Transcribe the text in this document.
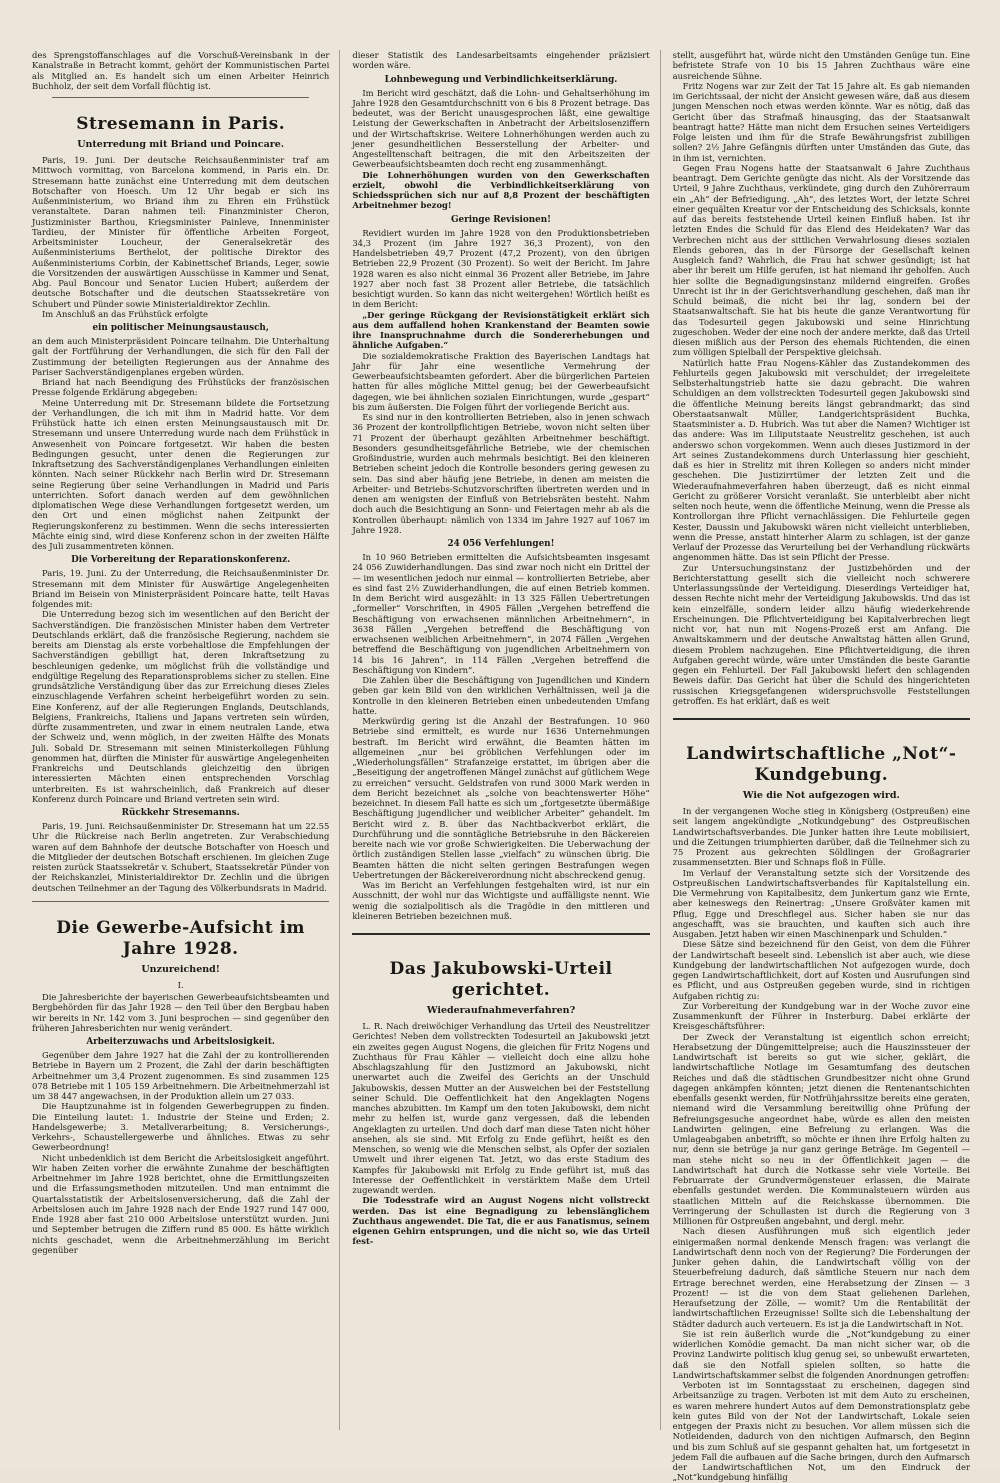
des Sprengstoffanschlages auf die Vorschuß-Vereinsbank in der Kanalstraße in Betracht kommt, gehört der Kommunistischen Partei als Mitglied an. Es handelt sich um einen Arbeiter Heinrich Buchholz, der seit dem Vorfall flüchtig ist.

Stresemann in Paris.
Unterredung mit Briand und Poincare.

Paris, 19. Juni. Der deutsche Reichsaußenminister traf am Mittwoch vormittag, von Barcelona kommend, in Paris ein. Dr. Stresemann hatte zunächst eine Unterredung mit dem deutschen Botschafter von Hoesch. Um 12 Uhr begab er sich ins Außenministerium, wo Briand ihm zu Ehren ein Frühstück veranstaltete. Daran nahmen teil: Finanzminister Cheron, Justizminister Barthou, Kriegsminister Painleve, Innenminister Tardieu, der Minister für öffentliche Arbeiten Forgeot, Arbeitsminister Loucheur, der Generalsekretär des Außenministeriums Berthelot, der politische Direktor des Außenministeriums Corbin, der Kabinettschef Briands, Leger, sowie die Vorsitzenden der auswärtigen Ausschüsse in Kammer und Senat, Abg. Paul Boncour und Senator Lucien Hubert; außerdem der deutsche Botschafter und die deutschen Staatssekretäre von Schubert und Pünder sowie Ministerialdirektor Zechlin.

Im Anschluß an das Frühstück erfolgte

ein politischer Meinungsaustausch,

an dem auch Ministerpräsident Poincare teilnahm. Die Unterhaltung galt der Fortführung der Verhandlungen, die sich für den Fall der Zustimmung der beteiligten Regierungen aus der Annahme des Pariser Sachverständigenplanes ergeben würden.

Briand hat nach Beendigung des Frühstücks der französischen Presse folgende Erklärung abgegeben:

Meine Unterredung mit Dr. Stresemann bildete die Fortsetzung der Verhandlungen, die ich mit ihm in Madrid hatte. Vor dem Frühstück hatte ich einen ersten Meinungsaustausch mit Dr. Stresemann und unsere Unterredung wurde nach dem Frühstück in Anwesenheit von Poincare fortgesetzt. Wir haben die besten Bedingungen gesucht, unter denen die Regierungen zur Inkraftsetzung des Sachverständigenplanes Verhandlungen einleiten könnten. Nach seiner Rückkehr nach Berlin wird Dr. Stresemann seine Regierung über seine Verhandlungen in Madrid und Paris unterrichten. Sofort danach werden auf dem gewöhnlichen diplomatischen Wege diese Verhandlungen fortgesetzt werden, um den Ort und einen möglichst nahen Zeitpunkt der Regierungskonferenz zu bestimmen. Wenn die sechs interessierten Mächte einig sind, wird diese Konferenz schon in der zweiten Hälfte des Juli zusammentreten können.

Die Vorbereitung der Reparationskonferenz.

Paris, 19. Juni. Zu der Unterredung, die Reichsaußenminister Dr. Stresemann mit dem Minister für Auswärtige Angelegenheiten Briand im Beisein von Ministerpräsident Poincare hatte, teilt Havas folgendes mit:

Die Unterredung bezog sich im wesentlichen auf den Bericht der Sachverständigen. Die französischen Minister haben dem Vertreter Deutschlands erklärt, daß die französische Regierung, nachdem sie bereits am Dienstag als erste vorbehaltlose die Empfehlungen der Sachverständigen gebilligt hat, deren Inkraftsetzung zu beschleunigen gedenke, um möglichst früh die vollständige und endgültige Regelung des Reparationsproblems sicher zu stellen. Eine grundsätzliche Verständigung über das zur Erreichung dieses Zieles einzuschlagende Verfahren scheint herbeigeführt worden zu sein. Eine Konferenz, auf der alle Regierungen Englands, Deutschlands, Belgiens, Frankreichs, Italiens und Japans vertreten sein würden, dürfte zusammentreten, und zwar in einem neutralen Lande, etwa der Schweiz und, wenn möglich, in der zweiten Hälfte des Monats Juli. Sobald Dr. Stresemann mit seinen Ministerkollegen Fühlung genommen hat, dürften die Minister für auswärtige Angelegenheiten Frankreichs und Deutschlands gleichzeitig den übrigen interessierten Mächten einen entsprechenden Vorschlag unterbreiten. Es ist wahrscheinlich, daß Frankreich auf dieser Konferenz durch Poincare und Briand vertreten sein wird.

Rückkehr Stresemanns.

Paris, 19. Juni. Reichsaußenminister Dr. Stresemann hat um 22.55 Uhr die Rückreise nach Berlin angetreten. Zur Verabschiedung waren auf dem Bahnhofe der deutsche Botschafter von Hoesch und die Mitglieder der deutschen Botschaft erschienen. Im gleichen Zuge reisten zurück Staatssekretär v. Schubert, Staatssekretär Pünder von der Reichskanzlei, Ministerialdirektor Dr. Zechlin und die übrigen deutschen Teilnehmer an der Tagung des Völkerbundsrats in Madrid.

Die Gewerbe-Aufsicht im Jahre 1928.
Unzureichend!

I.

Die Jahresberichte der bayerischen Gewerbeaufsichtsbeamten und Bergbehörden für das Jahr 1928 — den Teil über den Bergbau haben wir bereits in Nr. 142 vom 3. Juni besprochen — sind gegenüber den früheren Jahresberichten nur wenig verändert.

Arbeiterzuwachs und Arbeitslosigkeit.

Gegenüber dem Jahre 1927 hat die Zahl der zu kontrollierenden Betriebe in Bayern um 2 Prozent, die Zahl der darin beschäftigten Arbeitnehmer um 3,4 Prozent zugenommen. Es sind zusammen 125 078 Betriebe mit 1 105 159 Arbeitnehmern. Die Arbeitnehmerzahl ist um 38 447 angewachsen, in der Produktion allein um 27 033.

Die Hauptzunahme ist in folgenden Gewerbegruppen zu finden. Die Einteilung lautet: 1. Industrie der Steine und Erden; 2. Handelsgewerbe; 3. Metallverarbeitung; 8. Versicherungs-, Verkehrs-, Schaustellergewerbe und ähnliches. Etwas zu sehr Gewerbeordnung!

Nicht unbedenklich ist dem Bericht die Arbeitslosigkeit angeführt. Wir haben Zeiten vorher die erwähnte Zunahme der beschäftigten Arbeitnehmer im Jahre 1928 berichtet, ohne die Ermittlungszeiten und die Erfassungsmethoden mitzuteilen. Und man entnimmt die Quartalsstatistik der Arbeitslosenversicherung, daß die Zahl der Arbeitslosen auch im Jahre 1928 nach der Ende 1927 rund 147 000, Ende 1928 aber fast 210 000 Arbeitslose unterstützt wurden. Juni und September betrugen die Ziffern rund 85 000. Es hätte wirklich nichts geschadet, wenn die Arbeitnehmerzählung im Bericht gegenüber

dieser Statistik des Landesarbeitsamts eingehender präzisiert worden wäre.

Lohnbewegung und Verbindlichkeitserklärung.

Im Bericht wird geschätzt, daß die Lohn- und Gehaltserhöhung im Jahre 1928 den Gesamtdurchschnitt von 6 bis 8 Prozent betrage. Das bedeutet, was der Bericht unausgesprochen läßt, eine gewaltige Leistung der Gewerkschaften in Anbetracht der Arbeitslosenziffern und der Wirtschaftskrise. Weitere Lohnerhöhungen werden auch zu jener gesundheitlichen Besserstellung der Arbeiter- und Angestelltenschaft beitragen, die mit den Arbeitszeiten der Gewerbeaufsichtsbeamten doch recht eng zusammenhängt.

Die Lohnerhöhungen wurden von den Gewerkschaften erzielt, obwohl die Verbindlichkeitserklärung von Schiedssprüchen sich nur auf 8,8 Prozent der beschäftigten Arbeitnehmer bezog!

Geringe Revisionen!

Revidiert wurden im Jahre 1928 von den Produktionsbetrieben 34,3 Prozent (im Jahre 1927 36,3 Prozent), von den Handelsbetrieben 49,7 Prozent (47,2 Prozent), von den übrigen Betrieben 22,9 Prozent (30 Prozent). So weit der Bericht. Im Jahre 1928 waren es also nicht einmal 36 Prozent aller Betriebe, im Jahre 1927 aber noch fast 38 Prozent aller Betriebe, die tatsächlich besichtigt wurden. So kann das nicht weitergehen! Wörtlich heißt es in dem Bericht:

„Der geringe Rückgang der Revisionstätigkeit erklärt sich aus dem auffallend hohen Krankenstand der Beamten sowie ihre Inanspruchnahme durch die Sondererhebungen und ähnliche Aufgaben.“

Die sozialdemokratische Fraktion des Bayerischen Landtags hat Jahr für Jahr eine wesentliche Vermehrung der Gewerbeaufsichtsbeamten gefordert. Aber die bürgerlichen Parteien hatten für alles mögliche Mittel genug; bei der Gewerbeaufsicht dagegen, wie bei ähnlichen sozialen Einrichtungen, wurde „gespart“ bis zum äußersten. Die Folgen führt der vorliegende Bericht aus.

Es sind nur in den kontrollierten Betrieben, also in jenen schwach 36 Prozent der kontrollpflichtigen Betriebe, wovon nicht selten über 71 Prozent der überhaupt gezählten Arbeitnehmer beschäftigt. Besonders gesundheitsgefährliche Betriebe, wie der chemischen Großindustrie, wurden auch mehrmals besichtigt. Bei den kleineren Betrieben scheint jedoch die Kontrolle besonders gering gewesen zu sein. Das sind aber häufig jene Betriebe, in denen am meisten die Arbeiter- und Betriebs-Schutzvorschriften übertreten werden und in denen am wenigsten der Einfluß von Betriebsräten besteht. Nahm doch auch die Besichtigung an Sonn- und Feiertagen mehr ab als die Kontrollen überhaupt: nämlich von 1334 im Jahre 1927 auf 1067 im Jahre 1928.

24 056 Verfehlungen!

In 10 960 Betrieben ermittelten die Aufsichtsbeamten insgesamt 24 056 Zuwiderhandlungen. Das sind zwar noch nicht ein Drittel der — im wesentlichen jedoch nur einmal — kontrollierten Betriebe, aber es sind fast 2½ Zuwiderhandlungen, die auf einen Betrieb kommen. In dem Bericht wird ausgezählt: in 13 325 Fällen Uebertretungen „formeller“ Vorschriften, in 4905 Fällen „Vergehen betreffend die Beschäftigung von erwachsenen männlichen Arbeitnehmern“, in 3638 Fällen „Vergehen betreffend die Beschäftigung von erwachsenen weiblichen Arbeitnehmern“, in 2074 Fällen „Vergehen betreffend die Beschäftigung von jugendlichen Arbeitnehmern von 14 bis 16 Jahren“, in 114 Fällen „Vergehen betreffend die Beschäftigung von Kindern“.

Die Zahlen über die Beschäftigung von Jugendlichen und Kindern geben gar kein Bild von den wirklichen Verhältnissen, weil ja die Kontrolle in den kleineren Betrieben einen unbedeutenden Umfang hatte.

Merkwürdig gering ist die Anzahl der Bestrafungen. 10 960 Betriebe sind ermittelt, es wurde nur 1636 Unternehmungen bestraft. Im Bericht wird erwähnt, die Beamten hätten im allgemeinen „nur bei gröblichen Verfehlungen oder im „Wiederholungsfällen“ Strafanzeige erstattet, im übrigen aber die „Beseitigung der angetroffenen Mängel zunächst auf gütlichem Wege zu erreichen“ versucht. Geldstrafen von rund 3000 Mark werden in dem Bericht bezeichnet als „solche von beachtenswerter Höhe“ bezeichnet. In diesem Fall hatte es sich um „fortgesetzte übermäßige Beschäftigung jugendlicher und weiblicher Arbeiter“ gehandelt. Im Bericht wird z. B. über das Nachtbackverbot erklärt, die Durchführung und die sonntägliche Betriebsruhe in den Bäckereien bereite nach wie vor große Schwierigkeiten. Die Ueberwachung der örtlich zuständigen Stellen lasse „vielfach“ zu wünschen übrig. Die Beamten hätten die nicht selten geringen Bestrafungen wegen Uebertretungen der Bäckereiverordnung nicht abschreckend genug.

Was im Bericht an Verfehlungen festgehalten wird, ist nur ein Ausschnitt, der wohl nur das Wichtigste und auffälligste nennt. Wie wenig die sozialpolitisch als die Tragödie in den mittleren und kleineren Betrieben bezeichnen muß.

Das Jakubowski-Urteil gerichtet.
Wiederaufnahmeverfahren?

L. R. Nach dreiwöchiger Verhandlung das Urteil des Neustrelitzer Gerichtes! Neben dem vollstreckten Todesurteil an Jakubowski jetzt ein zweites gegen August Nogens, die gleichen für Fritz Nogens und Zuchthaus für Frau Kähler — vielleicht doch eine allzu hohe Abschlagszahlung für den Justizmord an Jakubowski, nicht unerwartet auch die Zweifel des Gerichts an der Unschuld Jakubowskis, dessen Mutter an der Ausweichen bei der Feststellung seiner Schuld. Die Oeffentlichkeit hat den Angeklagten Nogens manches abzubitten. Im Kampf um den toten Jakubowski, dem nicht mehr zu helfen ist, wurde ganz vergessen, daß die lebenden Angeklagten zu urteilen. Und doch darf man diese Taten nicht höher ansehen, als sie sind. Mit Erfolg zu Ende geführt, heißt es den Menschen, so wenig wie die Menschen selbst, als Opfer der sozialen Umwelt und ihrer eigenen Tat. Jetzt, wo das erste Stadium des Kampfes für Jakubowski mit Erfolg zu Ende geführt ist, muß das Interesse der Oeffentlichkeit in verstärktem Maße dem Urteil zugewandt werden.

Die Todesstrafe wird an August Nogens nicht vollstreckt werden. Das ist eine Begnadigung zu lebenslänglichem Zuchthaus angewendet. Die Tat, die er aus Fanatismus, seinem eigenen Gehirn entsprungen, und die nicht so, wie das Urteil fest-

stellt, ausgeführt hat, würde nicht den Umständen Genüge tun. Eine befristete Strafe von 10 bis 15 Jahren Zuchthaus wäre eine ausreichende Sühne.

Fritz Nogens war zur Zeit der Tat 15 Jahre alt. Es gab niemanden im Gerichtssaal, der nicht der Ansicht gewesen wäre, daß aus diesem jungen Menschen noch etwas werden könnte. War es nötig, daß das Gericht über das Strafmaß hinausging, das der Staatsanwalt beantragt hatte? Hätte man nicht dem Ersuchen seines Verteidigers Folge leisten und ihm für die Strafe Bewährungsfrist zubilligen sollen? 2½ Jahre Gefängnis dürften unter Umständen das Gute, das in ihm ist, vernichten.

Gegen Frau Nogens hatte der Staatsanwalt 6 Jahre Zuchthaus beantragt. Dem Gerichte genügte das nicht. Als der Vorsitzende das Urteil, 9 Jahre Zuchthaus, verkündete, ging durch den Zuhörerraum ein „Ah“ der Befriedigung. „Ah“, des letztes Wort, der letzte Schrei einer gequälten Kreatur vor der Entscheidung des Schicksals, konnte auf das bereits feststehende Urteil keinen Einfluß haben. Ist ihr letzten Endes die Schuld für das Elend des Heidekaten? War das Verbrechen nicht aus der sittlichen Verwahrlosung dieses sozialen Elends geboren, das in der Fürsorge der Gesellschaft keinen Ausgleich fand? Wahrlich, die Frau hat schwer gesündigt; ist hat aber ihr bereit um Hilfe gerufen, ist hat niemand ihr geholfen. Auch hier sollte die Begnadigungsinstanz mildernd eingreifen. Großes Unrecht ist ihr in der Gerichtsverhandlung geschehen, daß man ihr Schuld beimaß, die nicht bei ihr lag, sondern bei der Staatsanwaltschaft. Sie hat bis heute die ganze Verantwortung für das Todesurteil gegen Jakubowski und seine Hinrichtung zugeschoben. Weder der eine noch der andere merkte, daß das Urteil diesen mißlich aus der Person des ehemals Richtenden, die einen zum völligen Spielball der Perspektive gleichsah.

Natürlich hatte Frau Nogens-Kähler das Zustandekommen des Fehlurteils gegen Jakubowski mit verschuldet; der irregeleitete Selbsterhaltungstrieb hatte sie dazu gebracht. Die wahren Schuldigen an dem vollstreckten Todesurteil gegen Jakubowski sind die öffentliche Meinung bereits längst gebrandmarkt; das sind Oberstaatsanwalt Müller, Landgerichtspräsident Buchka, Staatsminister a. D. Hubrich. Was tut aber die Namen? Wichtiger ist das andere: Was im Liliputstaate Neustrelitz geschehen, ist auch anderswo schon vorgekommen. Wenn auch dieses Justizmord in der Art seines Zustandekommens durch Unterlassung hier geschieht, daß es hier in Strelitz mit ihren Kollegen so anders nicht minder geschehen. Die Justizirrtümer der letzten Zeit und die Wiederaufnahmeverfahren haben überzeugt, daß es nicht einmal Gericht zu größerer Vorsicht veranlaßt. Sie unterbleibt aber nicht selten noch heute, wenn die öffentliche Meinung, wenn die Presse als Kontrollorgan ihre Pflicht vernachlässigen. Die Fehlurteile gegen Kester, Daussin und Jakubowski wären nicht vielleicht unterblieben, wenn die Presse, anstatt hinterher Alarm zu schlagen, ist der ganze Verlauf der Prozesse das Verurteilung bei der Verhandlung rückwärts angenommen hätte. Das ist sein Pflicht der Presse.

Zur Untersuchungsinstanz der Justizbehörden und der Berichterstattung gesellt sich die vielleicht noch schwerere Unterlassungssünde der Verteidigung. Dieserdings Verteidiger hat, dessen Rechte nicht mehr der Verteidigung Jakubowskis. Und das ist kein einzelfälle, sondern leider allzu häufig wiederkehrende Erscheinungen. Die Pflichtverteidigung bei Kapitalverbrechen liegt nicht vor, hat nun mit Nogens-Prozeß erst am Anfang. Die Anwaltskammern und der deutsche Anwaltstag hätten allen Grund, diesem Problem nachzugehen. Eine Pflichtverteidigung, die ihren Aufgaben gerecht würde, wäre unter Umständen die beste Garantie gegen ein Fehlurteil. Der Fall Jakubowski liefert den schlagenden Beweis dafür. Das Gericht hat über die Schuld des hingerichteten russischen Kriegsgefangenen widerspruchsvolle Feststellungen getroffen. Es hat erklärt, daß es weit

Landwirtschaftliche „Not“-Kundgebung.
Wie die Not aufgezogen wird.

In der vergangenen Woche stieg in Königsberg (Ostpreußen) eine seit langem angekündigte „Notkundgebung“ des Ostpreußischen Landwirtschaftsverbandes. Die Junker hatten ihre Leute mobilisiert, und die Zeitungen triumphierten darüber, daß die Teilnehmer sich zu 75 Prozent aus gekrechten Söldlingen der Großagrarier zusammensetzten. Bier und Schnaps floß in Fülle.

Im Verlauf der Veranstaltung setzte sich der Vorsitzende des Ostpreußischen Landwirtschaftsverbandes für Kapitalstellung ein. Die Vermehrung von Kapitalbesitz, dem Junkertum ganz wie Ernte, aber keineswegs den Reinertrag: „Unsere Großväter kamen mit Pflug, Egge und Dreschflegel aus. Sicher haben sie nur das angeschafft, was sie brauchten, und kauften sich auch ihre Ausgaben. Jetzt haben wir einen Maschinenpark und Schulden.“

Diese Sätze sind bezeichnend für den Geist, von dem die Führer der Landwirtschaft beseelt sind. Lebenslich ist aber auch, wie diese Kundgebung der landwirtschaftlichen Not aufgezogen wurde, doch gegen Landwirtschaftlichkeit, dort auf Kosten und Ausrufungen sind es Pflicht, und aus Ostpreußen gegeben wurde, sind in richtigen Aufgaben richtig zu:

Zur Vorbereitung der Kundgebung war in der Woche zuvor eine Zusammenkunft der Führer in Insterburg. Dabei erklärte der Kreisgeschäftsführer:

Der Zweck der Veranstaltung ist eigentlich schon erreicht; Herabsetzung der Düngemittelpreise; auch die Hauszinssteuer der Landwirtschaft ist bereits so gut wie sicher, geklärt, die landwirtschaftliche Notlage im Gesamtumfang des deutschen Reiches und daß die städtischen Grundbesitzer nicht ohne Grund dagegen ankämpfen könnten; jetzt dienen die Rentenantschichten ebenfalls gesenkt werden, für Notfrühjahrssitze bereits eine geraten, niemand wird die Versammlung bereitwillig ohne Prüfung der Befreiungsgesuche angeordnet habe, würde es allen den meisten Landwirten gelingen, eine Befreiung zu erlangen. Was die Umlageabgaben anbetrifft, so möchte er ihnen ihre Erfolg halten zu nur, denn sie betrüge ja nur ganz geringe Beträge. Im Gegenteil — man stehe nicht so neu in der Öffentlichkeit jagen — die Landwirtschaft hat durch die Notkasse sehr viele Vorteile. Bei Februarrate der Grundvermögensteuer erlassen, die Mairate ebenfalls gestundet werden. Die Kommunalsteuern würden aus staatlichen Mitteln auf die Reichskasse übernommen. Die Verringerung der Schullasten ist durch die Regierung von 3 Millionen für Ostpreußen angebahnt, und dergl. mehr.

Nach diesen Ausführungen muß sich eigentlich jeder einigermaßen normal denkende Mensch fragen: was verlangt die Landwirtschaft denn noch von der Regierung? Die Forderungen der Junker gehen dahin, die Landwirtschaft völlig von der Steuerbefreiung dadurch, daß sämtliche Steuern nur nach dem Ertrage berechnet werden, eine Herabsetzung der Zinsen — 3 Prozent! — ist die von dem Staat geliehenen Darlehen, Heraufsetzung der Zölle, — womit? Um die Rentabilität der landwirtschaftlichen Erzeugnisse! Sollte sich die Lebenshaltung der Städter dadurch auch verteuern. Es ist ja die Landwirtschaft in Not.

Sie ist rein äußerlich wurde die „Not“kundgebung zu einer widerlichen Komödie gemacht. Da man nicht sicher war, ob die Provinz Landwirte politisch klug genug sei, so unbewußt erwarteten, daß sie den Notfall spielen sollten, so hatte die Landwirtschaftskammer selbst die folgenden Anordnungen getroffen:

Verboten ist im Sonntagsstaat zu erscheinen, dagegen sind Arbeitsanzüge zu tragen. Verboten ist mit dem Auto zu erscheinen, es waren mehrere hundert Autos auf dem Demonstrationsplatz gebe kein gutes Bild von der Not der Landwirtschaft, Lokale seien entgegen der Praxis nicht zu besuchen. Vor allem müssen sich die Notleidenden, dadurch von den nichtigen Aufmarsch, den Beginn und bis zum Schluß auf sie gespannt gehalten hat, um fortgesetzt in jedem Fall die aufbauen auf die Sache bringen, durch den Aufmarsch der Landwirtschaftlichen Not, um den Eindruck der „Not“kundgebung hinfällig
